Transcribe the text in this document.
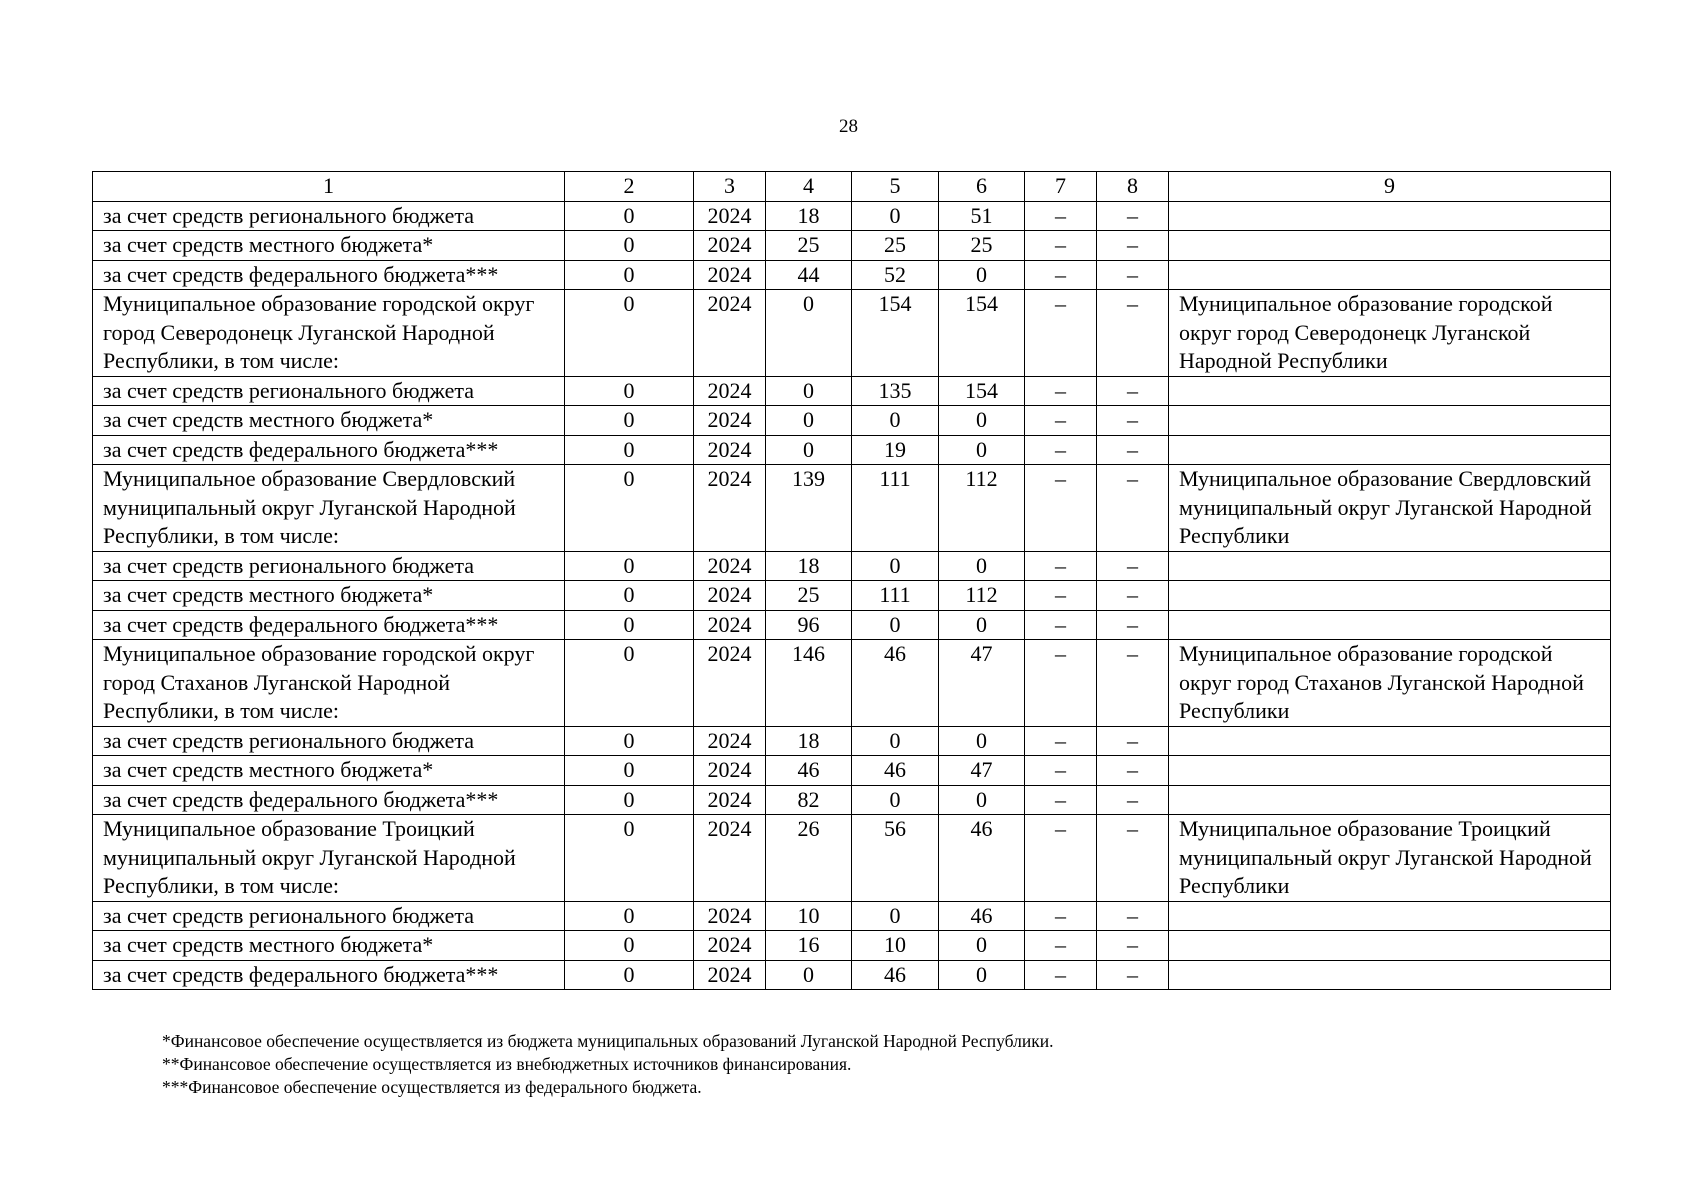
28
1	2	3	4	5	6	7	8	9
за счет средств регионального бюджета	0	2024	18	0	51	–	–	
за счет средств местного бюджета*	0	2024	25	25	25	–	–	
за счет средств федерального бюджета***	0	2024	44	52	0	–	–	
Муниципальное образование городской округ город Северодонецк Луганской Народной Республики, в том числе:	0	2024	0	154	154	–	–	Муниципальное образование городской округ город Северодонецк Луганской Народной Республики
за счет средств регионального бюджета	0	2024	0	135	154	–	–	
за счет средств местного бюджета*	0	2024	0	0	0	–	–	
за счет средств федерального бюджета***	0	2024	0	19	0	–	–	
Муниципальное образование Свердловский муниципальный округ Луганской Народной Республики, в том числе:	0	2024	139	111	112	–	–	Муниципальное образование Свердловский муниципальный округ Луганской Народной Республики
за счет средств регионального бюджета	0	2024	18	0	0	–	–	
за счет средств местного бюджета*	0	2024	25	111	112	–	–	
за счет средств федерального бюджета***	0	2024	96	0	0	–	–	
Муниципальное образование городской округ город Стаханов Луганской Народной Республики, в том числе:	0	2024	146	46	47	–	–	Муниципальное образование городской округ город Стаханов Луганской Народной Республики
за счет средств регионального бюджета	0	2024	18	0	0	–	–	
за счет средств местного бюджета*	0	2024	46	46	47	–	–	
за счет средств федерального бюджета***	0	2024	82	0	0	–	–	
Муниципальное образование Троицкий муниципальный округ Луганской Народной Республики, в том числе:	0	2024	26	56	46	–	–	Муниципальное образование Троицкий муниципальный округ Луганской Народной Республики
за счет средств регионального бюджета	0	2024	10	0	46	–	–	
за счет средств местного бюджета*	0	2024	16	10	0	–	–	
за счет средств федерального бюджета***	0	2024	0	46	0	–	–	
*Финансовое обеспечение осуществляется из бюджета муниципальных образований Луганской Народной Республики.
**Финансовое обеспечение осуществляется из внебюджетных источников финансирования.
***Финансовое обеспечение осуществляется из федерального бюджета.
